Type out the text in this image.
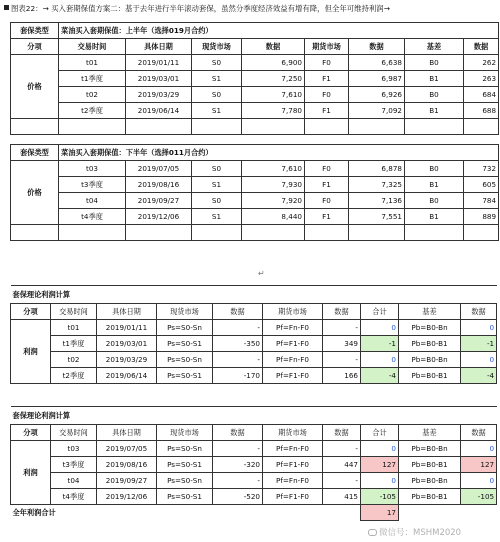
图表22：→ 买入套期保值方案二：基于去年进行半年滚动套保，虽然分季度经济效益有增有降，但全年可维持利润→
套保类型	菜油买入套期保值：上半年（选择019月合约）							
分项	交易时间	具体日期	现货市场	数据	期货市场	数据	基差	数据
价格	t01	2019/01/11	S0	6,900	F0	6,638	B0	262
	t1季度	2019/03/01	S1	7,250	F1	6,987	B1	263
	t02	2019/03/29	S0	7,610	F0	6,926	B0	684
	t2季度	2019/06/14	S1	7,780	F1	7,092	B1	688

套保类型	菜油买入套期保值：下半年（选择011月合约）							
价格	t03	2019/07/05	S0	7,610	F0	6,878	B0	732
	t3季度	2019/08/16	S1	7,930	F1	7,325	B1	605
	t04	2019/09/27	S0	7,920	F0	7,136	B0	784
	t4季度	2019/12/06	S1	8,440	F1	7,551	B1	889

↵
套保理论利润计算									
分项	交易时间	具体日期	现货市场	数据	期货市场	数据	合计	基差	数据
利润	t01	2019/01/11	Ps=S0-Sn	-	Pf=Fn-F0	-	0	Pb=B0-Bn	0
	t1季度	2019/03/01	Ps=S0-S1	-350	Pf=F1-F0	349	-1	Pb=B0-B1	-1
	t02	2019/03/29	Ps=S0-Sn	-	Pf=Fn-F0	-	0	Pb=B0-Bn	0
	t2季度	2019/06/14	Ps=S0-S1	-170	Pf=F1-F0	166	-4	Pb=B0-B1	-4
套保理论利润计算									
分项	交易时间	具体日期	现货市场	数据	期货市场	数据	合计	基差	数据
利润	t03	2019/07/05	Ps=S0-Sn	-	Pf=Fn-F0	-	0	Pb=B0-Bn	0
	t3季度	2019/08/16	Ps=S0-S1	-320	Pf=F1-F0	447	127	Pb=B0-B1	127
	t04	2019/09/27	Ps=S0-Sn	-	Pf=Fn-F0	-	0	Pb=B0-Bn	0
	t4季度	2019/12/06	Ps=S0-S1	-520	Pf=F1-F0	415	-105	Pb=B0-B1	-105
全年利润合计							17		
微信号：MSHM2020
